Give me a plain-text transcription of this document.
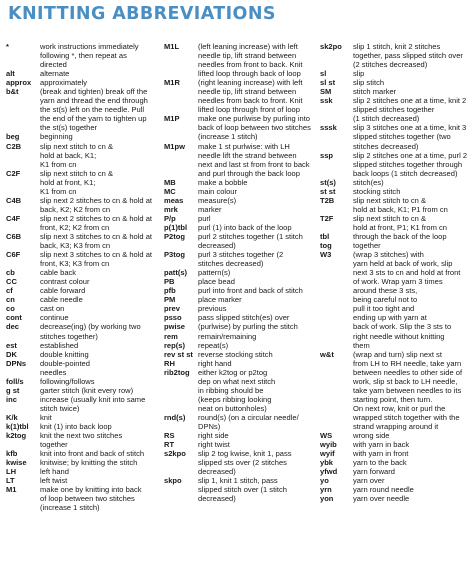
KNITTING ABBREVIATIONS
*	work instructions immediately
following *, then repeat as
directed
alt	alternate
approx	approximately
b&t	(break and tighten) break off the
yarn and thread the end through
the st(s) left on the needle. Pull
the end of the yarn to tighten up
the st(s) together
beg	beginning
C2B	slip next stitch to cn &
hold at back, K1;
K1 from cn
C2F	slip next stitch to cn &
hold at front, K1;
K1 from cn
C4B	slip next 2 stitches to cn & hold at
back, K2; K2 from cn
C4F	slip next 2 stitches to cn & hold at
front, K2; K2 from cn
C6B	slip next 3 stitches to cn & hold at
back, K3; K3 from cn
C6F	slip next 3 stitches to cn & hold at
front, K3; K3 from cn
cb	cable back
CC	contrast colour
cf	cable forward
cn	cable needle
co	cast on
cont	continue
dec	decrease(ing) (by working two
stitches together)
est	established
DK	double knitting
DPNs	double-pointed
needles
foll/s	following/follows
g st	garter stitch (knit every row)
inc	increase (usually knit into same
stitch twice)
K/k	knit
k(1)tbl	knit (1) into back loop
k2tog	knit the next two stitches
together
kfb	knit into front and back of stitch
kwise	knitwise; by knitting the stitch
LH	left hand
LT	left twist
M1	make one by knitting into back
of loop between two stitches
(increase 1 stitch)
M1L	(left leaning increase) with left
needle tip, lift strand between
needles from front to back. Knit
lifted loop through back of loop
M1R	(right leaning increase) with left
needle tip, lift strand between
needles from back to front. Knit
lifted loop through front of loop
M1P	make one purlwise by purling into
back of loop between two stitches
(increase 1 stitch)
M1pw	make 1 st purlwise: with LH
needle lift the strand between
next and last st from front to back
and purl through the back loop
MB	make a bobble
MC	main colour
meas	measure(s)
mrk	marker
P/p	purl
p(1)tbl	purl (1) into back of the loop
P2tog	purl 2 stitches together (1 stitch
decreased)
P3tog	purl 3 stitches together (2
stitches decreased)
patt(s)	pattern(s)
PB	place bead
pfb	purl into front and back of stitch
PM	place marker
prev	previous
psso	pass slipped stitch(es) over
pwise	(purlwise) by purling the stitch
rem	remain/remaining
rep(s)	repeat(s)
rev st st reverse stocking stitch
RH	right hand
rib2tog	either k2tog or p2tog
dep on what next stitch
in ribbing should be
(keeps ribbing looking
neat on buttonholes)
rnd(s)	round(s) (on a circular needle/
DPNs)
RS	right side
RT	right twist
s2kpo	slip 2 tog kwise, knit 1, pass
slipped sts over (2 stitches
decreased)
skpo	slip 1, knit 1 stitch, pass
slipped stitch over (1 stitch
decreased)
sk2po	slip 1 stitch, knit 2 stitches
together, pass slipped stitch over
(2 stitches decreased)
sl	slip
sl st	slip stitch
SM	stitch marker
ssk	slip 2 stitches one at a time, knit 2
slipped stitches together
(1 stitch decreased)
sssk	slip 3 stitches one at a time, knit 3
slipped stitches together (two
stitches decreased)
ssp	slip 2 stitches one at a time, purl 2
slipped stitches together through
back loops (1 stitch decreased)
st(s)	stitch(es)
st st	stocking stitch
T2B	slip next stitch to cn &
hold at back, K1; P1 from cn
T2F	slip next stitch to cn &
hold at front, P1; K1 from cn
tbl	through the back of the loop
tog	together
W3	(wrap 3 stitches) with
yarn held at back of work, slip
next 3 sts to cn and hold at front
of work. Wrap yarn 3 times
around these 3 sts,
being careful not to
pull it too tight and
ending up with yarn at
back of work. Slip the 3 sts to
right needle without knitting
them
w&t	(wrap and turn) slip next st
from LH to RH needle, take yarn
between needles to other side of
work, slip st back to LH needle,
take yarn between needles to its
starting point, then turn.
On next row, knit or purl the
wrapped stitch together with the
strand wrapping around it
WS	wrong side
wyib	with yarn in back
wyif	with yarn in front
ybk	yarn to the back
yfwd	yarn forward
yo	yarn over
yrn	yarn round needle
yon	yarn over needle
